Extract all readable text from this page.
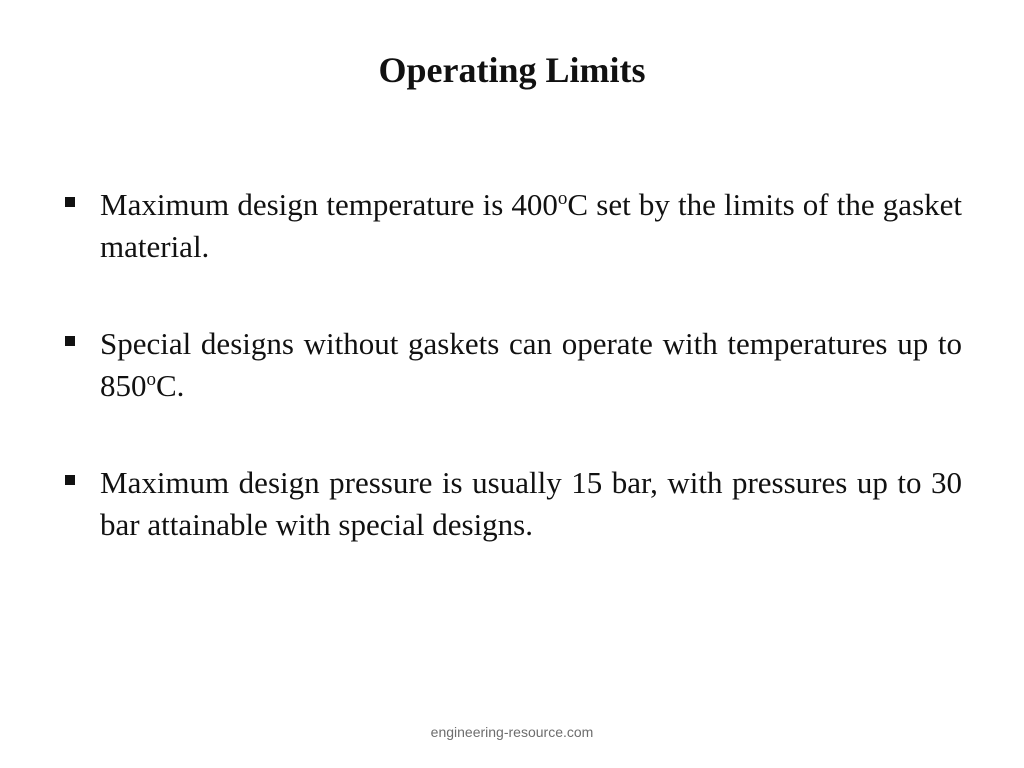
Operating Limits
Maximum design temperature is 400$^o$C set by the limits of the gasket material.
Special designs without gaskets can operate with temperatures up to 850$^o$C.
Maximum design pressure is usually 15 bar, with pressures up to 30 bar attainable with special designs.
engineering-resource.com
